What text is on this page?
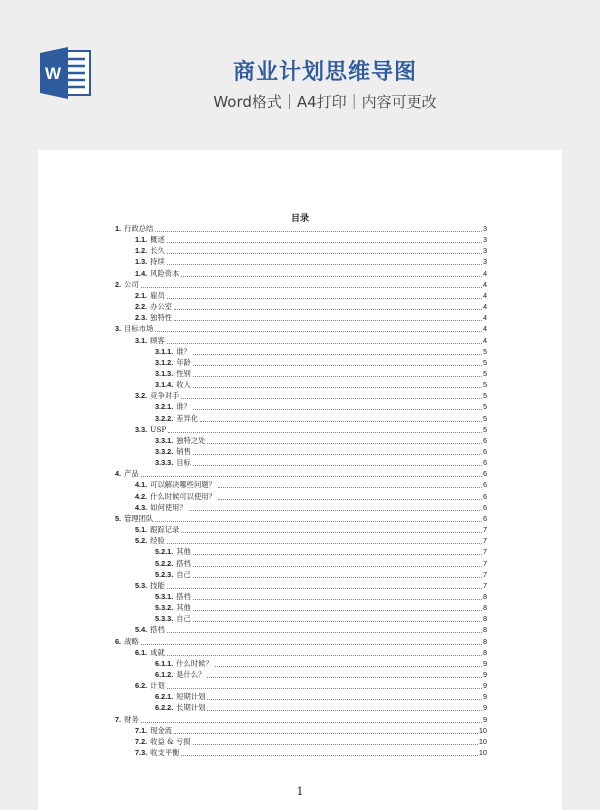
W	商业计划思维导图
Word格式｜A4打印｜内容可更改
目录
1. 行政总结	3
1.1. 概述	3
1.2. 长久	3
1.3. 持续	3
1.4. 风险资本	4
2. 公司	4
2.1. 雇员	4
2.2. 办公室	4
2.3. 独特性	4
3. 目标市场	4
3.1. 顾客	4
3.1.1. 谁？	5
3.1.2. 年龄	5
3.1.3. 性别	5
3.1.4. 收入	5
3.2. 竞争对手	5
3.2.1. 谁？	5
3.2.2. 差异化	5
3.3. USP	5
3.3.1. 独特之处	6
3.3.2. 销售	6
3.3.3. 目标	6
4. 产品	6
4.1. 可以解决哪些问题？	6
4.2. 什么时候可以使用？	6
4.3. 如何使用？	6
5. 管理团队	6
5.1. 跟踪记录	7
5.2. 经验	7
5.2.1. 其他	7
5.2.2. 搭档	7
5.2.3. 自己	7
5.3. 技能	7
5.3.1. 搭档	8
5.3.2. 其他	8
5.3.3. 自己	8
5.4. 搭档	8
6. 战略	8
6.1. 成就	8
6.1.1. 什么时候？	9
6.1.2. 是什么？	9
6.2. 计划	9
6.2.1. 短期计划	9
6.2.2. 长期计划	9
7. 财务	9
7.1. 现金流	10
7.2. 收益 & 亏损	10
7.3. 收支平衡	10
1
